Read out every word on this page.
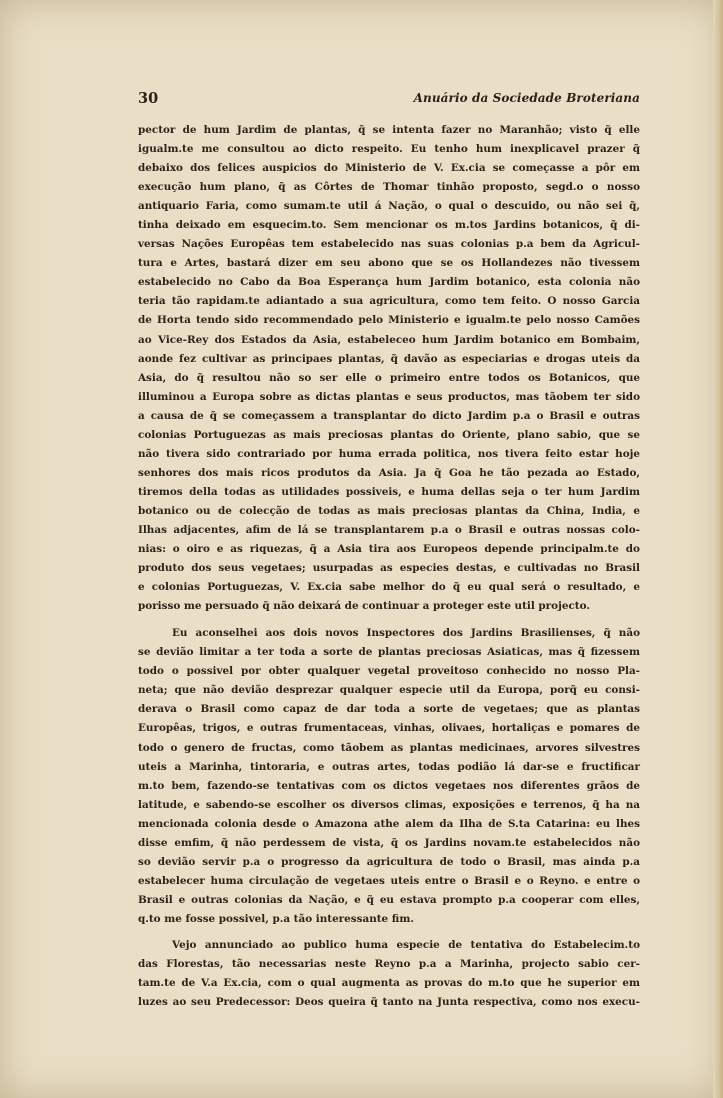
30	Anuário da Sociedade Broteriana
pector de hum Jardim de plantas, q̃ se intenta fazer no Maranhão; visto q̃ elle
igualm.te me consultou ao dicto respeito. Eu tenho hum inexplicavel prazer q̃
debaixo dos felices auspicios do Ministerio de V. Ex.cia se começasse a pôr em
execução hum plano, q̃ as Côrtes de Thomar tinhão proposto, segd.o o nosso
antiquario Faria, como sumam.te util á Nação, o qual o descuido, ou não sei q̃,
tinha deixado em esquecim.to. Sem mencionar os m.tos Jardins botanicos, q̃ di-
versas Nações Europêas tem estabelecido nas suas colonias p.a bem da Agricul-
tura e Artes, bastará dizer em seu abono que se os Hollandezes não tivessem
estabelecido no Cabo da Boa Esperança hum Jardim botanico, esta colonia não
teria tão rapidam.te adiantado a sua agricultura, como tem feito. O nosso Garcia
de Horta tendo sido recommendado pelo Ministerio e igualm.te pelo nosso Camões
ao Vice-Rey dos Estados da Asia, estabeleceo hum Jardim botanico em Bombaim,
aonde fez cultivar as principaes plantas, q̃ davão as especiarias e drogas uteis da
Asia, do q̃ resultou não so ser elle o primeiro entre todos os Botanicos, que
illuminou a Europa sobre as dictas plantas e seus productos, mas tãobem ter sido
a causa de q̃ se começassem a transplantar do dicto Jardim p.a o Brasil e outras
colonias Portuguezas as mais preciosas plantas do Oriente, plano sabio, que se
não tivera sido contrariado por huma errada politica, nos tivera feito estar hoje
senhores dos mais ricos produtos da Asia. Ja q̃ Goa he tão pezada ao Estado,
tiremos della todas as utilidades possiveis, e huma dellas seja o ter hum Jardim
botanico ou de colecção de todas as mais preciosas plantas da China, India, e
Ilhas adjacentes, afim de lá se transplantarem p.a o Brasil e outras nossas colo-
nias: o oiro e as riquezas, q̃ a Asia tira aos Europeos depende principalm.te do
produto dos seus vegetaes; usurpadas as especies destas, e cultivadas no Brasil
e colonias Portuguezas, V. Ex.cia sabe melhor do q̃ eu qual será o resultado, e
porisso me persuado q̃ não deixará de continuar a proteger este util projecto.
Eu aconselhei aos dois novos Inspectores dos Jardins Brasilienses, q̃ não
se devião limitar a ter toda a sorte de plantas preciosas Asiaticas, mas q̃ fizessem
todo o possivel por obter qualquer vegetal proveitoso conhecido no nosso Pla-
neta; que não devião desprezar qualquer especie util da Europa, porq̃ eu consi-
derava o Brasil como capaz de dar toda a sorte de vegetaes; que as plantas
Europêas, trigos, e outras frumentaceas, vinhas, olivaes, hortaliças e pomares de
todo o genero de fructas, como tãobem as plantas medicinaes, arvores silvestres
uteis a Marinha, tintoraria, e outras artes, todas podião lá dar-se e fructificar
m.to bem, fazendo-se tentativas com os dictos vegetaes nos diferentes grãos de
latitude, e sabendo-se escolher os diversos climas, exposições e terrenos, q̃ ha na
mencionada colonia desde o Amazona athe alem da Ilha de S.ta Catarina: eu lhes
disse emfim, q̃ não perdessem de vista, q̃ os Jardins novam.te estabelecidos não
so devião servir p.a o progresso da agricultura de todo o Brasil, mas ainda p.a
estabelecer huma circulação de vegetaes uteis entre o Brasil e o Reyno. e entre o
Brasil e outras colonias da Nação, e q̃ eu estava prompto p.a cooperar com elles,
q.to me fosse possivel, p.a tão interessante fim.
Vejo annunciado ao publico huma especie de tentativa do Estabelecim.to
das Florestas, tão necessarias neste Reyno p.a a Marinha, projecto sabio cer-
tam.te de V.a Ex.cia, com o qual augmenta as provas do m.to que he superior em
luzes ao seu Predecessor: Deos queira q̃ tanto na Junta respectiva, como nos execu-
